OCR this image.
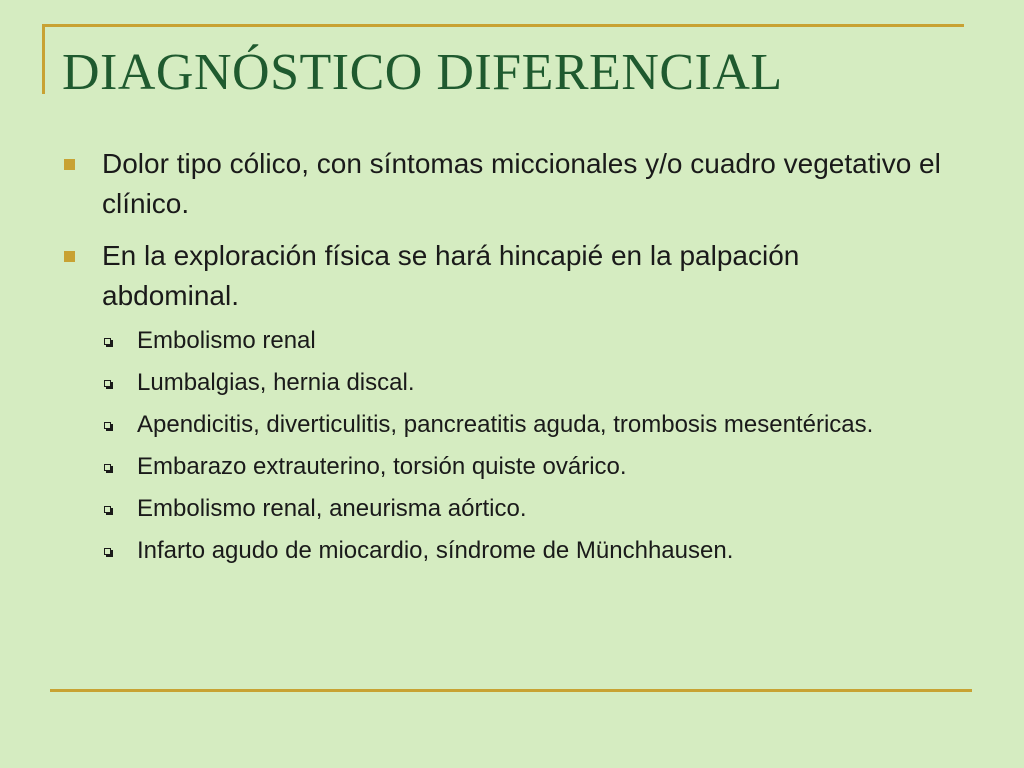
DIAGNÓSTICO DIFERENCIAL
Dolor tipo cólico, con síntomas miccionales y/o cuadro vegetativo el clínico.
En la exploración física se hará hincapié en la palpación abdominal.
Embolismo renal
Lumbalgias, hernia discal.
Apendicitis, diverticulitis, pancreatitis aguda, trombosis mesentéricas.
Embarazo extrauterino, torsión quiste ovárico.
Embolismo renal, aneurisma aórtico.
Infarto agudo de miocardio, síndrome de Münchhausen.
